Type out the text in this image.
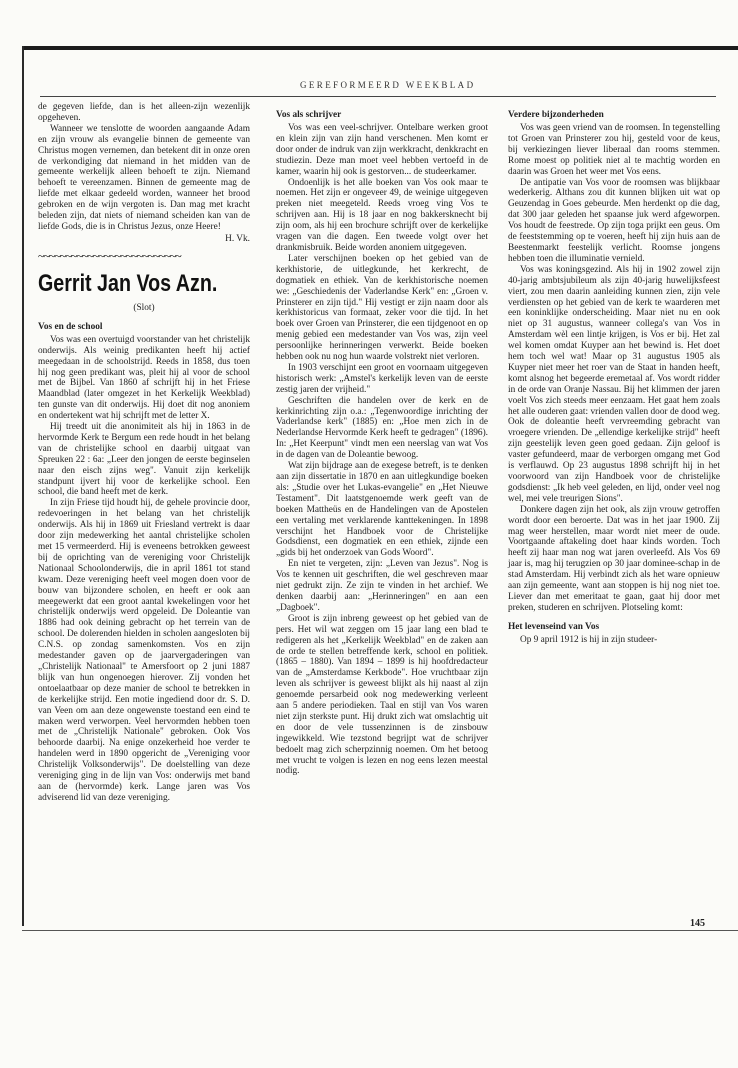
GEREFORMEERD WEEKBLAD

de gegeven liefde, dan is het alleen-zijn wezenlijk opgeheven.

Wanneer we tenslotte de woorden aangaande Adam en zijn vrouw als evangelie binnen de gemeente van Christus mogen vernemen, dan betekent dit in onze oren de verkondiging dat niemand in het midden van de gemeente werkelijk alleen behoeft te zijn. Niemand behoeft te vereenzamen. Binnen de gemeente mag de liefde met elkaar gedeeld worden, wanneer het brood gebroken en de wijn vergoten is. Dan mag met kracht beleden zijn, dat niets of niemand scheiden kan van de liefde Gods, die is in Christus Jezus, onze Heere!

H. Vk.
~~~~~~~~~~~~~~~~~~~~~~~~~~
Gerrit Jan Vos Azn.
(Slot)
Vos en de school

Vos was een overtuigd voorstander van het christelijk onderwijs. Als weinig predikanten heeft hij actief meegedaan in de schoolstrijd. Reeds in 1858, dus toen hij nog geen predikant was, pleit hij al voor de school met de Bijbel. Van 1860 af schrijft hij in het Friese Maandblad (later omgezet in het Kerkelijk Weekblad) ten gunste van dit onderwijs. Hij doet dit nog anoniem en ondertekent wat hij schrijft met de letter X.

Hij treedt uit die anonimiteit als hij in 1863 in de hervormde Kerk te Bergum een rede houdt in het belang van de christelijke school en daarbij uitgaat van Spreuken 22 : 6a: „Leer den jongen de eerste beginselen naar den eisch zijns weg". Vanuit zijn kerkelijk standpunt ijvert hij voor de kerkelijke school. Een school, die band heeft met de kerk.

In zijn Friese tijd houdt hij, de gehele provincie door, redevoeringen in het belang van het christelijk onderwijs. Als hij in 1869 uit Friesland vertrekt is daar door zijn medewerking het aantal christelijke scholen met 15 vermeerderd. Hij is eveneens betrokken geweest bij de oprichting van de vereniging voor Christelijk Nationaal Schoolonderwijs, die in april 1861 tot stand kwam. Deze vereniging heeft veel mogen doen voor de bouw van bijzondere scholen, en heeft er ook aan meegewerkt dat een groot aantal kwekelingen voor het christelijk onderwijs werd opgeleid. De Doleantie van 1886 had ook deining gebracht op het terrein van de school. De dolerenden hielden in scholen aangesloten bij C.N.S. op zondag samenkomsten. Vos en zijn medestander gaven op de jaarvergaderingen van „Christelijk Nationaal" te Amersfoort op 2 juni 1887 blijk van hun ongenoegen hierover. Zij vonden het ontoelaatbaar op deze manier de school te betrekken in de kerkelijke strijd. Een motie ingediend door dr. S. D. van Veen om aan deze ongewenste toestand een eind te maken werd verworpen. Veel hervormden hebben toen met de „Christelijk Nationale" gebroken. Ook Vos behoorde daarbij. Na enige onzekerheid hoe verder te handelen werd in 1890 opgericht de „Vereniging voor Christelijk Volksonderwijs". De doelstelling van deze vereniging ging in de lijn van Vos: onderwijs met band aan de (hervormde) kerk. Lange jaren was Vos adviserend lid van deze vereniging.

Vos als schrijver

Vos was een veel-schrijver. Ontelbare werken groot en klein zijn van zijn hand verschenen. Men komt er door onder de indruk van zijn werkkracht, denkkracht en studiezin. Deze man moet veel hebben vertoefd in de kamer, waarin hij ook is gestorven... de studeerkamer.

Ondoenlijk is het alle boeken van Vos ook maar te noemen. Het zijn er ongeveer 49, de weinige uitgegeven preken niet meegeteld. Reeds vroeg ving Vos te schrijven aan. Hij is 18 jaar en nog bakkersknecht bij zijn oom, als hij een brochure schrijft over de kerkelijke vragen van die dagen. Een tweede volgt over het drankmisbruik. Beide worden anoniem uitgegeven.

Later verschijnen boeken op het gebied van de kerkhistorie, de uitlegkunde, het kerkrecht, de dogmatiek en ethiek. Van de kerkhistorische noemen we: „Geschiedenis der Vaderlandse Kerk" en: „Groen v. Prinsterer en zijn tijd." Hij vestigt er zijn naam door als kerkhistoricus van formaat, zeker voor die tijd. In het boek over Groen van Prinsterer, die een tijdgenoot en op menig gebied een medestander van Vos was, zijn veel persoonlijke herinneringen verwerkt. Beide boeken hebben ook nu nog hun waarde volstrekt niet verloren.

In 1903 verschijnt een groot en voornaam uitgegeven historisch werk: „Amstel's kerkelijk leven van de eerste zestig jaren der vrijheid."

Geschriften die handelen over de kerk en de kerkinrichting zijn o.a.: „Tegenwoordige inrichting der Vaderlandse kerk" (1885) en: „Hoe men zich in de Nederlandse Hervormde Kerk heeft te gedragen" (1896). In: „Het Keerpunt" vindt men een neerslag van wat Vos in de dagen van de Doleantie bewoog.

Wat zijn bijdrage aan de exegese betreft, is te denken aan zijn dissertatie in 1870 en aan uitlegkundige boeken als: „Studie over het Lukas-evangelie" en „Het Nieuwe Testament". Dit laatstgenoemde werk geeft van de boeken Mattheüs en de Handelingen van de Apostelen een vertaling met verklarende kanttekeningen. In 1898 verschijnt het Handboek voor de Christelijke Godsdienst, een dogmatiek en een ethiek, zijnde een „gids bij het onderzoek van Gods Woord".

En niet te vergeten, zijn: „Leven van Jezus". Nog is Vos te kennen uit geschriften, die wel geschreven maar niet gedrukt zijn. Ze zijn te vinden in het archief. We denken daarbij aan: „Herinneringen" en aan een „Dagboek".

Groot is zijn inbreng geweest op het gebied van de pers. Het wil wat zeggen om 15 jaar lang een blad te redigeren als het „Kerkelijk Weekblad" en de zaken aan de orde te stellen betreffende kerk, school en politiek. (1865 – 1880). Van 1894 – 1899 is hij hoofdredacteur van de „Amsterdamse Kerkbode". Hoe vruchtbaar zijn leven als schrijver is geweest blijkt als hij naast al zijn genoemde persarbeid ook nog medewerking verleent aan 5 andere periodieken. Taal en stijl van Vos waren niet zijn sterkste punt. Hij drukt zich wat omslachtig uit en door de vele tussenzinnen is de zinsbouw ingewikkeld. Wie tezstond begrijpt wat de schrijver bedoelt mag zich scherpzinnig noemen. Om het betoog met vrucht te volgen is lezen en nog eens lezen meestal nodig.

Verdere bijzonderheden

Vos was geen vriend van de roomsen. In tegenstelling tot Groen van Prinsterer zou hij, gesteld voor de keus, bij verkiezingen liever liberaal dan rooms stemmen. Rome moest op politiek niet al te machtig worden en daarin was Groen het weer met Vos eens.

De antipatie van Vos voor de roomsen was blijkbaar wederkerig. Althans zou dit kunnen blijken uit wat op Geuzendag in Goes gebeurde. Men herdenkt op die dag, dat 300 jaar geleden het spaanse juk werd afgeworpen. Vos houdt de feestrede. Op zijn toga prijkt een geus. Om de feeststemming op te voeren, heeft hij zijn huis aan de Beestenmarkt feestelijk verlicht. Roomse jongens hebben toen die illuminatie vernield.

Vos was koningsgezind. Als hij in 1902 zowel zijn 40-jarig ambtsjubileum als zijn 40-jarig huwelijksfeest viert, zou men daarin aanleiding kunnen zien, zijn vele verdiensten op het gebied van de kerk te waarderen met een koninklijke onderscheiding. Maar niet nu en ook niet op 31 augustus, wanneer collega's van Vos in Amsterdam wèl een lintje krijgen, is Vos er bij. Het zal wel komen omdat Kuyper aan het bewind is. Het doet hem toch wel wat! Maar op 31 augustus 1905 als Kuyper niet meer het roer van de Staat in handen heeft, komt alsnog het begeerde eremetaal af. Vos wordt ridder in de orde van Oranje Nassau. Bij het klimmen der jaren voelt Vos zich steeds meer eenzaam. Het gaat hem zoals het alle ouderen gaat: vrienden vallen door de dood weg. Ook de doleantie heeft vervreemding gebracht van vroegere vrienden. De „ellendige kerkelijke strijd" heeft zijn geestelijk leven geen goed gedaan. Zijn geloof is vaster gefundeerd, maar de verborgen omgang met God is verflauwd. Op 23 augustus 1898 schrijft hij in het voorwoord van zijn Handboek voor de christelijke godsdienst: „Ik heb veel geleden, en lijd, onder veel nog wel, mei vele treurigen Sions".

Donkere dagen zijn het ook, als zijn vrouw getroffen wordt door een beroerte. Dat was in het jaar 1900. Zij mag weer herstellen, maar wordt niet meer de oude. Voortgaande aftakeling doet haar kinds worden. Toch heeft zij haar man nog wat jaren overleefd. Als Vos 69 jaar is, mag hij terugzien op 30 jaar dominee-schap in de stad Amsterdam. Hij verbindt zich als het ware opnieuw aan zijn gemeente, want aan stoppen is hij nog niet toe. Liever dan met emeritaat te gaan, gaat hij door met preken, studeren en schrijven. Plotseling komt:

Het levenseind van Vos

Op 9 april 1912 is hij in zijn studeer-

145
